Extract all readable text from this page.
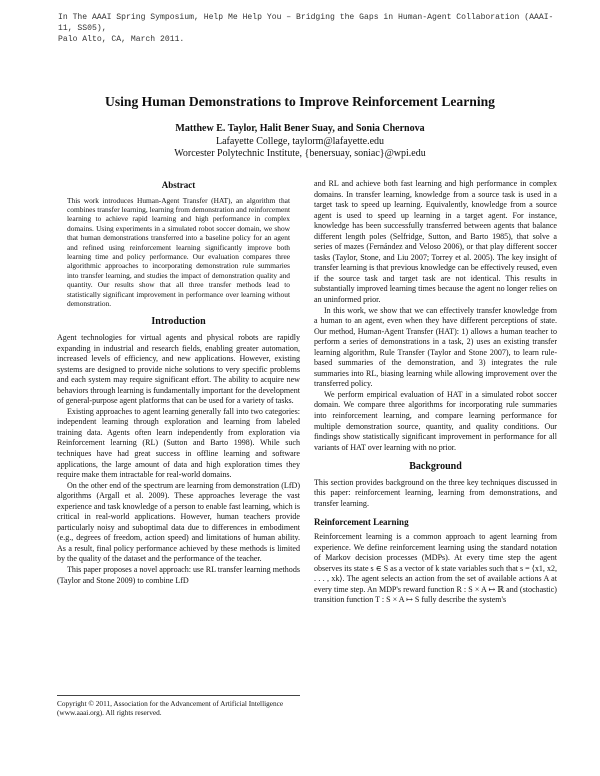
In The AAAI Spring Symposium, Help Me Help You – Bridging the Gaps in Human-Agent Collaboration (AAAI-11, SS05),
Palo Alto, CA, March 2011.
Using Human Demonstrations to Improve Reinforcement Learning
Matthew E. Taylor, Halit Bener Suay, and Sonia Chernova
Lafayette College, taylorm@lafayette.edu
Worcester Polytechnic Institute, {benersuay, soniac}@wpi.edu
Abstract

This work introduces Human-Agent Transfer (HAT), an algorithm that combines transfer learning, learning from demonstration and reinforcement learning to achieve rapid learning and high performance in complex domains. Using experiments in a simulated robot soccer domain, we show that human demonstrations transferred into a baseline policy for an agent and refined using reinforcement learning significantly improve both learning time and policy performance. Our evaluation compares three algorithmic approaches to incorporating demonstration rule summaries into transfer learning, and studies the impact of demonstration quality and quantity. Our results show that all three transfer methods lead to statistically significant improvement in performance over learning without demonstration.

Introduction

Agent technologies for virtual agents and physical robots are rapidly expanding in industrial and research fields, enabling greater automation, increased levels of efficiency, and new applications. However, existing systems are designed to provide niche solutions to very specific problems and each system may require significant effort. The ability to acquire new behaviors through learning is fundamentally important for the development of general-purpose agent platforms that can be used for a variety of tasks.

Existing approaches to agent learning generally fall into two categories: independent learning through exploration and learning from labeled training data. Agents often learn independently from exploration via Reinforcement learning (RL) (Sutton and Barto 1998). While such techniques have had great success in offline learning and software applications, the large amount of data and high exploration times they require make them intractable for real-world domains.

On the other end of the spectrum are learning from demonstration (LfD) algorithms (Argall et al. 2009). These approaches leverage the vast experience and task knowledge of a person to enable fast learning, which is critical in real-world applications. However, human teachers provide particularly noisy and suboptimal data due to differences in embodiment (e.g., degrees of freedom, action speed) and limitations of human ability. As a result, final policy performance achieved by these methods is limited by the quality of the dataset and the performance of the teacher.

This paper proposes a novel approach: use RL transfer learning methods (Taylor and Stone 2009) to combine LfD

Copyright © 2011, Association for the Advancement of Artificial Intelligence (www.aaai.org). All rights reserved.

and RL and achieve both fast learning and high performance in complex domains. In transfer learning, knowledge from a source task is used in a target task to speed up learning. Equivalently, knowledge from a source agent is used to speed up learning in a target agent. For instance, knowledge has been successfully transferred between agents that balance different length poles (Selfridge, Sutton, and Barto 1985), that solve a series of mazes (Fernández and Veloso 2006), or that play different soccer tasks (Taylor, Stone, and Liu 2007; Torrey et al. 2005). The key insight of transfer learning is that previous knowledge can be effectively reused, even if the source task and target task are not identical. This results in substantially improved learning times because the agent no longer relies on an uninformed prior.

In this work, we show that we can effectively transfer knowledge from a human to an agent, even when they have different perceptions of state. Our method, Human-Agent Transfer (HAT): 1) allows a human teacher to perform a series of demonstrations in a task, 2) uses an existing transfer learning algorithm, Rule Transfer (Taylor and Stone 2007), to learn rule-based summaries of the demonstration, and 3) integrates the rule summaries into RL, biasing learning while allowing improvement over the transferred policy.

We perform empirical evaluation of HAT in a simulated robot soccer domain. We compare three algorithms for incorporating rule summaries into reinforcement learning, and compare learning performance for multiple demonstration source, quantity, and quality conditions. Our findings show statistically significant improvement in performance for all variants of HAT over learning with no prior.

Background

This section provides background on the three key techniques discussed in this paper: reinforcement learning, learning from demonstrations, and transfer learning.

Reinforcement Learning

Reinforcement learning is a common approach to agent learning from experience. We define reinforcement learning using the standard notation of Markov decision processes (MDPs). At every time step the agent observes its state s ∈ S as a vector of k state variables such that s = ⟨x1, x2, . . . , xk⟩. The agent selects an action from the set of available actions A at every time step. An MDP's reward function R : S × A ↦ ℝ and (stochastic) transition function T : S × A ↦ S fully describe the system's
